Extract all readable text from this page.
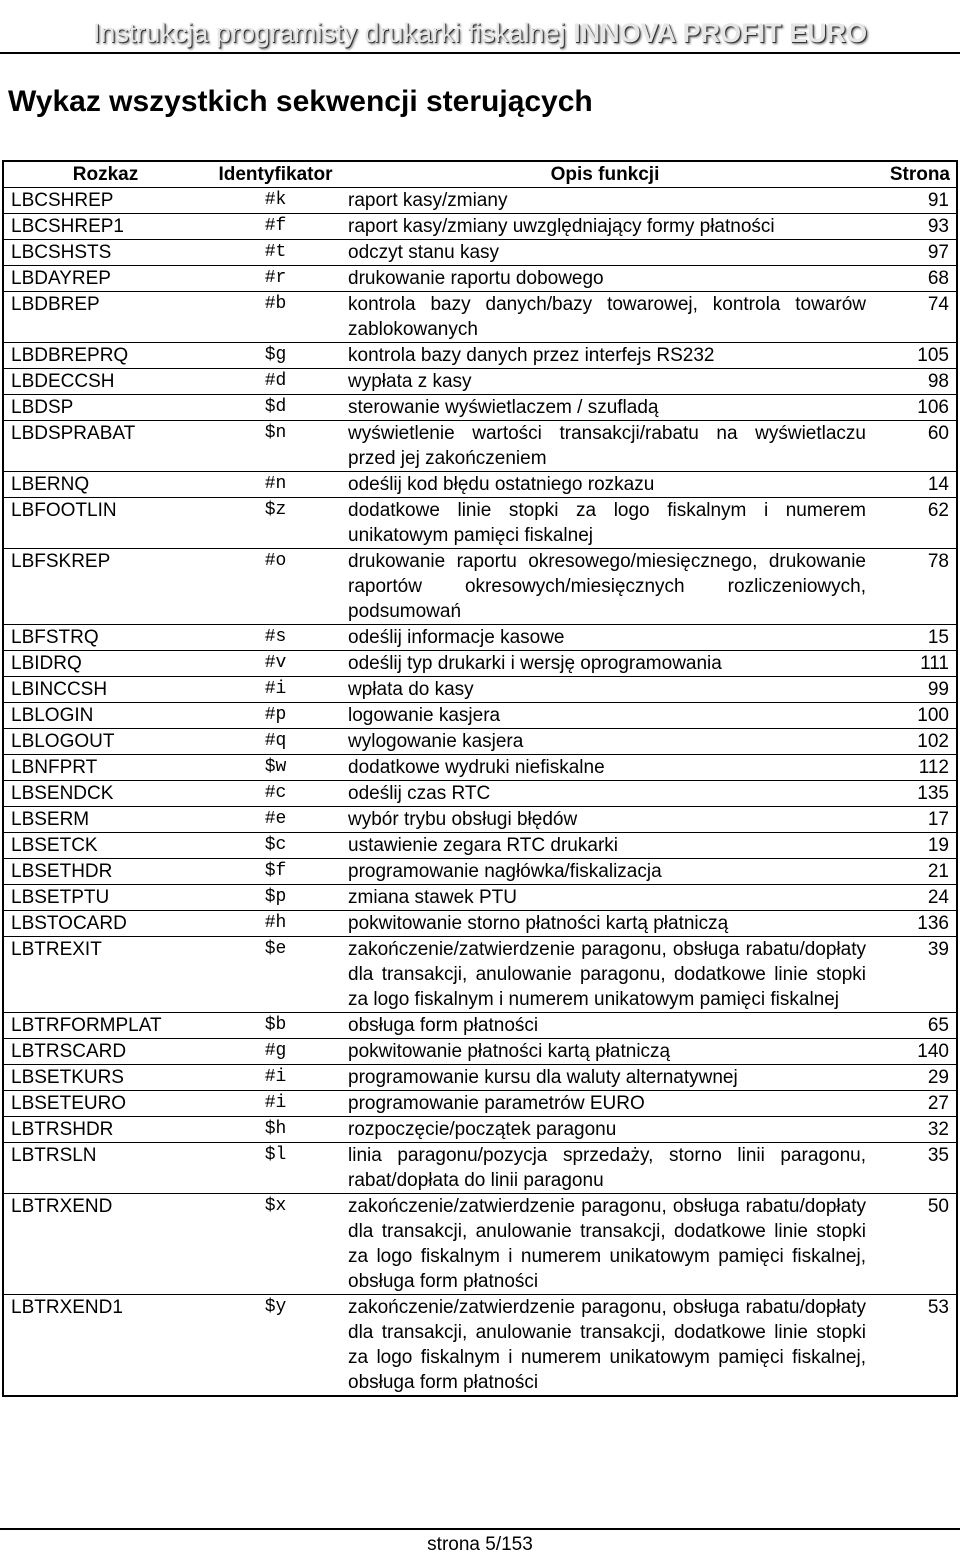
Instrukcja programisty drukarki fiskalnej INNOVA PROFIT EURO
Wykaz wszystkich sekwencji sterujących
Rozkaz	Identyfikator	Opis funkcji	Strona
LBCSHREP	#k	raport kasy/zmiany	91
LBCSHREP1	#f	raport kasy/zmiany uwzględniający formy płatności	93
LBCSHSTS	#t	odczyt stanu kasy	97
LBDAYREP	#r	drukowanie raportu dobowego	68
LBDBREP	#b	kontrola bazy danych/bazy towarowej, kontrola towarów zablokowanych	74
LBDBREPRQ	$g	kontrola bazy danych przez interfejs RS232	105
LBDECCSH	#d	wypłata z kasy	98
LBDSP	$d	sterowanie wyświetlaczem / szufladą	106
LBDSPRABAT	$n	wyświetlenie wartości transakcji/rabatu na wyświetlaczu przed jej zakończeniem	60
LBERNQ	#n	odeślij kod błędu ostatniego rozkazu	14
LBFOOTLIN	$z	dodatkowe linie stopki za logo fiskalnym i numerem unikatowym pamięci fiskalnej	62
LBFSKREP	#o	drukowanie raportu okresowego/miesięcznego, drukowanie raportów okresowych/miesięcznych rozliczeniowych, podsumowań	78
LBFSTRQ	#s	odeślij informacje kasowe	15
LBIDRQ	#v	odeślij typ drukarki i wersję oprogramowania	111
LBINCCSH	#i	wpłata do kasy	99
LBLOGIN	#p	logowanie kasjera	100
LBLOGOUT	#q	wylogowanie kasjera	102
LBNFPRT	$w	dodatkowe wydruki niefiskalne	112
LBSENDCK	#c	odeślij czas RTC	135
LBSERM	#e	wybór trybu obsługi błędów	17
LBSETCK	$c	ustawienie zegara RTC drukarki	19
LBSETHDR	$f	programowanie nagłówka/fiskalizacja	21
LBSETPTU	$p	zmiana stawek PTU	24
LBSTOCARD	#h	pokwitowanie storno płatności kartą płatniczą	136
LBTREXIT	$e	zakończenie/zatwierdzenie paragonu, obsługa rabatu/dopłaty dla transakcji, anulowanie paragonu, dodatkowe linie stopki za logo fiskalnym i numerem unikatowym pamięci fiskalnej	39
LBTRFORMPLAT	$b	obsługa form płatności	65
LBTRSCARD	#g	pokwitowanie płatności kartą płatniczą	140
LBSETKURS	#i	programowanie kursu dla waluty alternatywnej	29
LBSETEURO	#i	programowanie parametrów EURO	27
LBTRSHDR	$h	rozpoczęcie/początek paragonu	32
LBTRSLN	$l	linia paragonu/pozycja sprzedaży, storno linii paragonu, rabat/dopłata do linii paragonu	35
LBTRXEND	$x	zakończenie/zatwierdzenie paragonu, obsługa rabatu/dopłaty dla transakcji, anulowanie transakcji, dodatkowe linie stopki za logo fiskalnym i numerem unikatowym pamięci fiskalnej, obsługa form płatności	50
LBTRXEND1	$y	zakończenie/zatwierdzenie paragonu, obsługa rabatu/dopłaty dla transakcji, anulowanie transakcji, dodatkowe linie stopki za logo fiskalnym i numerem unikatowym pamięci fiskalnej, obsługa form płatności	53
strona 5/153
